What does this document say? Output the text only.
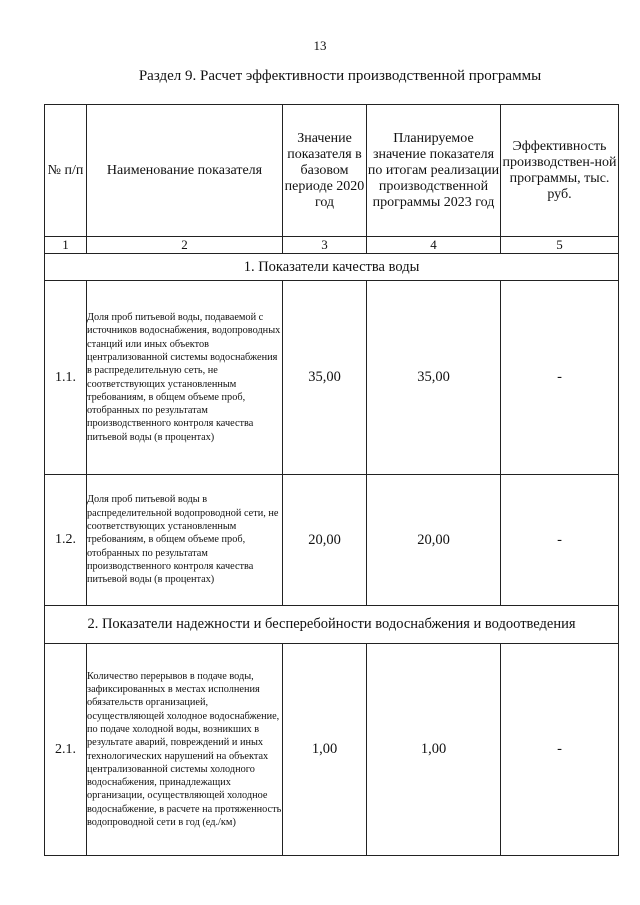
13
Раздел 9. Расчет эффективности производственной программы
№ п/п	Наименование показателя	Значение показателя в базовом периоде 2020 год	Планируемое значение показателя по итогам реализации производственной программы 2023 год	Эффективность производствен-ной программы, тыс. руб.
1	2	3	4	5
1. Показатели качества воды				
1.1.	Доля проб питьевой воды, подаваемой с источников водоснабжения, водопроводных станций или иных объектов централизованной системы водоснабжения в распределительную сеть, не соответствующих установленным требованиям, в общем объеме проб, отобранных по результатам производственного контроля качества питьевой воды (в процентах)	35,00	35,00	-
1.2.	Доля проб питьевой воды в распределительной водопроводной сети, не соответствующих установленным требованиям, в общем объеме проб, отобранных по результатам производственного контроля качества питьевой воды (в процентах)	20,00	20,00	-
2. Показатели надежности и бесперебойности водоснабжения и водоотведения				
2.1.	Количество перерывов в подаче воды, зафиксированных в местах исполнения обязательств организацией, осуществляющей холодное водоснабжение, по подаче холодной воды, возникших в результате аварий, повреждений и иных технологических нарушений на объектах централизованной системы холодного водоснабжения, принадлежащих организации, осуществляющей холодное водоснабжение, в расчете на протяженность водопроводной сети в год (ед./км)	1,00	1,00	-
